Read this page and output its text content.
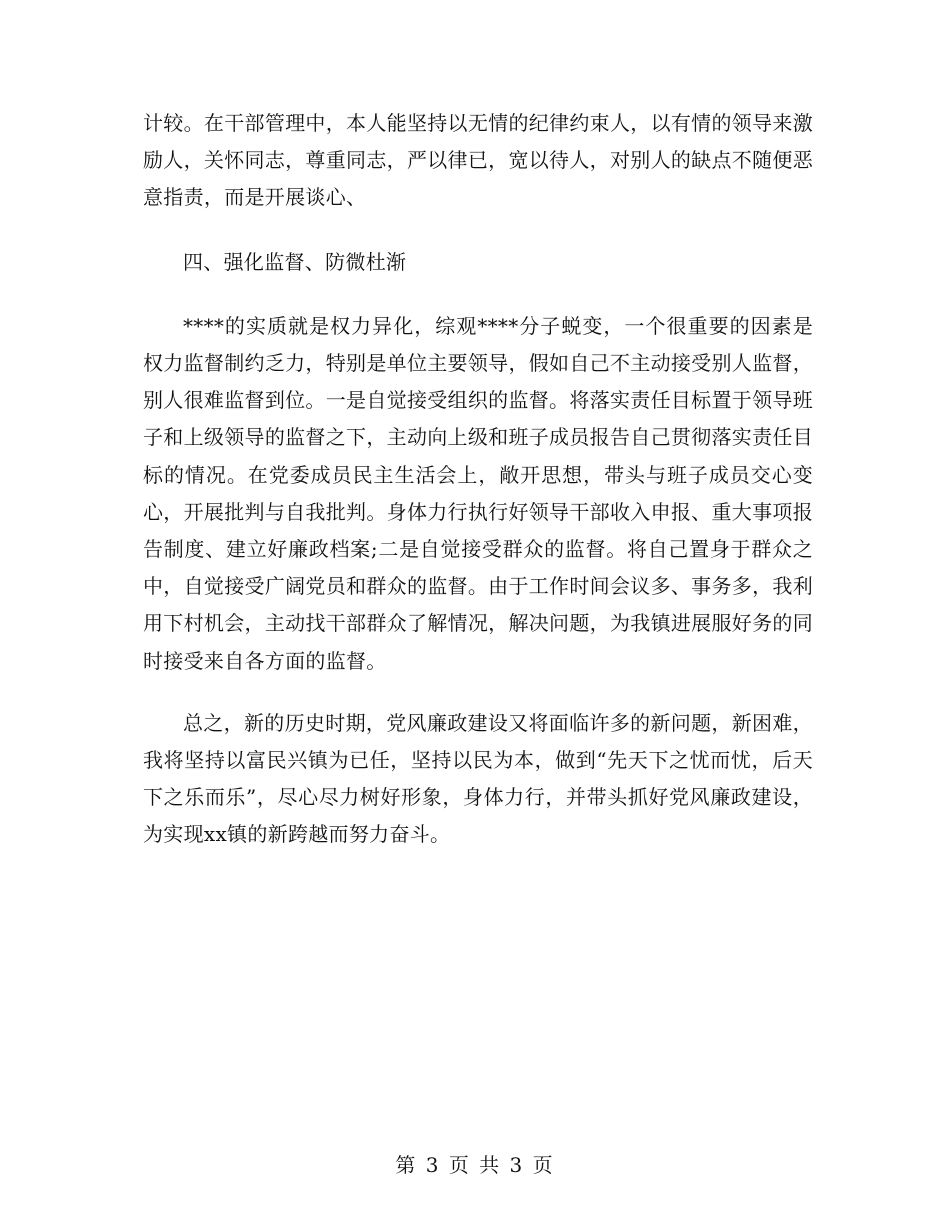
计较。在干部管理中，本人能坚持以无情的纪律约束人，以有情的领导来激励人，关怀同志，尊重同志，严以律已，宽以待人，对别人的缺点不随便恶意指责，而是开展谈心、

四、强化监督、防微杜渐

****的实质就是权力异化，综观****分子蜕变，一个很重要的因素是权力监督制约乏力，特别是单位主要领导，假如自己不主动接受别人监督，别人很难监督到位。一是自觉接受组织的监督。将落实责任目标置于领导班子和上级领导的监督之下，主动向上级和班子成员报告自己贯彻落实责任目标的情况。在党委成员民主生活会上，敞开思想，带头与班子成员交心变心，开展批判与自我批判。身体力行执行好领导干部收入申报、重大事项报告制度、建立好廉政档案;二是自觉接受群众的监督。将自己置身于群众之中，自觉接受广阔党员和群众的监督。由于工作时间会议多、事务多，我利用下村机会，主动找干部群众了解情况，解决问题，为我镇进展服好务的同时接受来自各方面的监督。

总之，新的历史时期，党风廉政建设又将面临许多的新问题，新困难，我将坚持以富民兴镇为已任，坚持以民为本，做到“先天下之忧而忧，后天下之乐而乐”，尽心尽力树好形象，身体力行，并带头抓好党风廉政建设，为实现xx镇的新跨越而努力奋斗。

第 3 页 共 3 页
